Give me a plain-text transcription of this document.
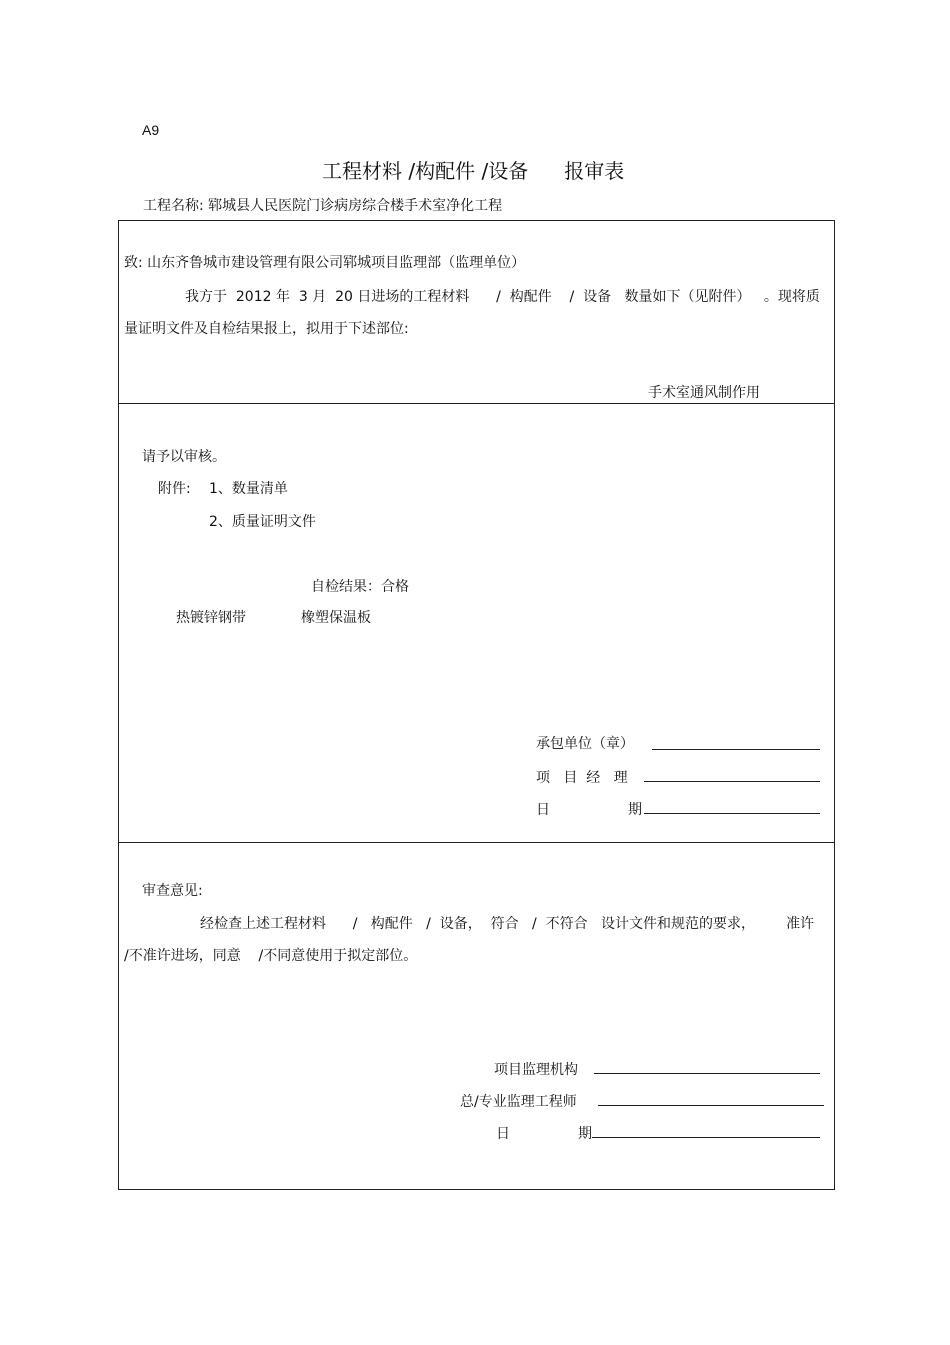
A9
工程材料 /构配件 /设备 报审表
工程名称: 郓城县人民医院门诊病房综合楼手术室净化工程
致: 山东齐鲁城市建设管理有限公司郓城项目监理部（监理单位）
我方于  2012 年  3 月  20 日进场的工程材料      /  构配件    /  设备   数量如下（见附件）   。现将质
量证明文件及自检结果报上，拟用于下述部位:
手术室通风制作用
请予以审核。
附件: 1、数量清单
2、质量证明文件
自检结果：合格
热镀锌钢带	橡塑保温板
承包单位（章）
项   目  经   理
日	期
审查意见:
经检查上述工程材料      /   构配件   /  设备，  符合   /  不符合   设计文件和规范的要求，       准许
/不准许进场，同意    /不同意使用于拟定部位。
项目监理机构
总/专业监理工程师
日	期
